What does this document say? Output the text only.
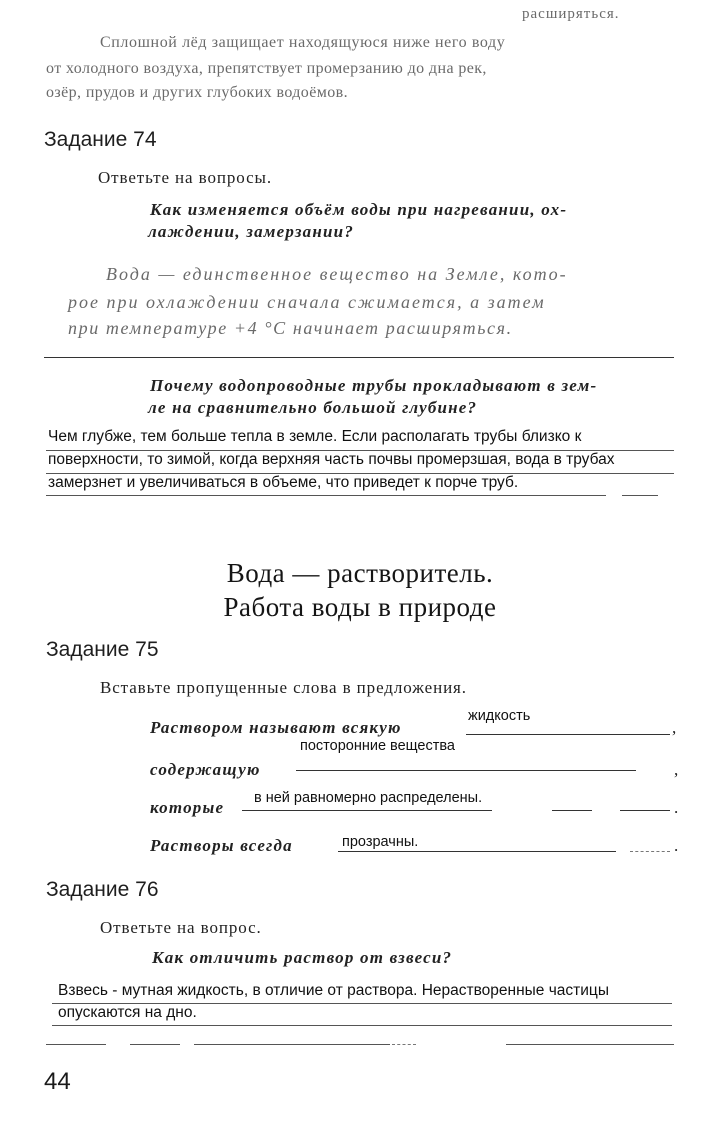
расширяться.
Сплошной лёд защищает находящуюся ниже него воду
от холодного воздуха, препятствует промерзанию до дна рек,
озёр, прудов и других глубоких водоёмов.
Задание 74
Ответьте на вопросы.
Как изменяется объём воды при нагревании, ох-
лаждении, замерзании?
Вода — единственное вещество на Земле, кото-
рое при охлаждении сначала сжимается, а затем
при температуре +4 °С начинает расширяться.
Почему водопроводные трубы прокладывают в зем-
ле на сравнительно большой глубине?
Чем глубже, тем больше тепла в земле. Если располагать трубы близко к
поверхности, то зимой, когда верхняя часть почвы промерзшая, вода в трубах
замерзнет и увеличиваться в объеме, что приведет к порче труб.
Вода — растворитель.
Работа воды в природе
Задание 75
Вставьте пропущенные слова в предложения.
Раствором называют всякую
жидкость
,
посторонние вещества
содержащую	,
которые в ней равномерно распределены.	.
Растворы всегда	прозрачны.	.
Задание 76
Ответьте на вопрос.
Как отличить раствор от взвеси?
Взвесь - мутная жидкость, в отличие от раствора. Нерастворенные частицы
опускаются на дно.
44
